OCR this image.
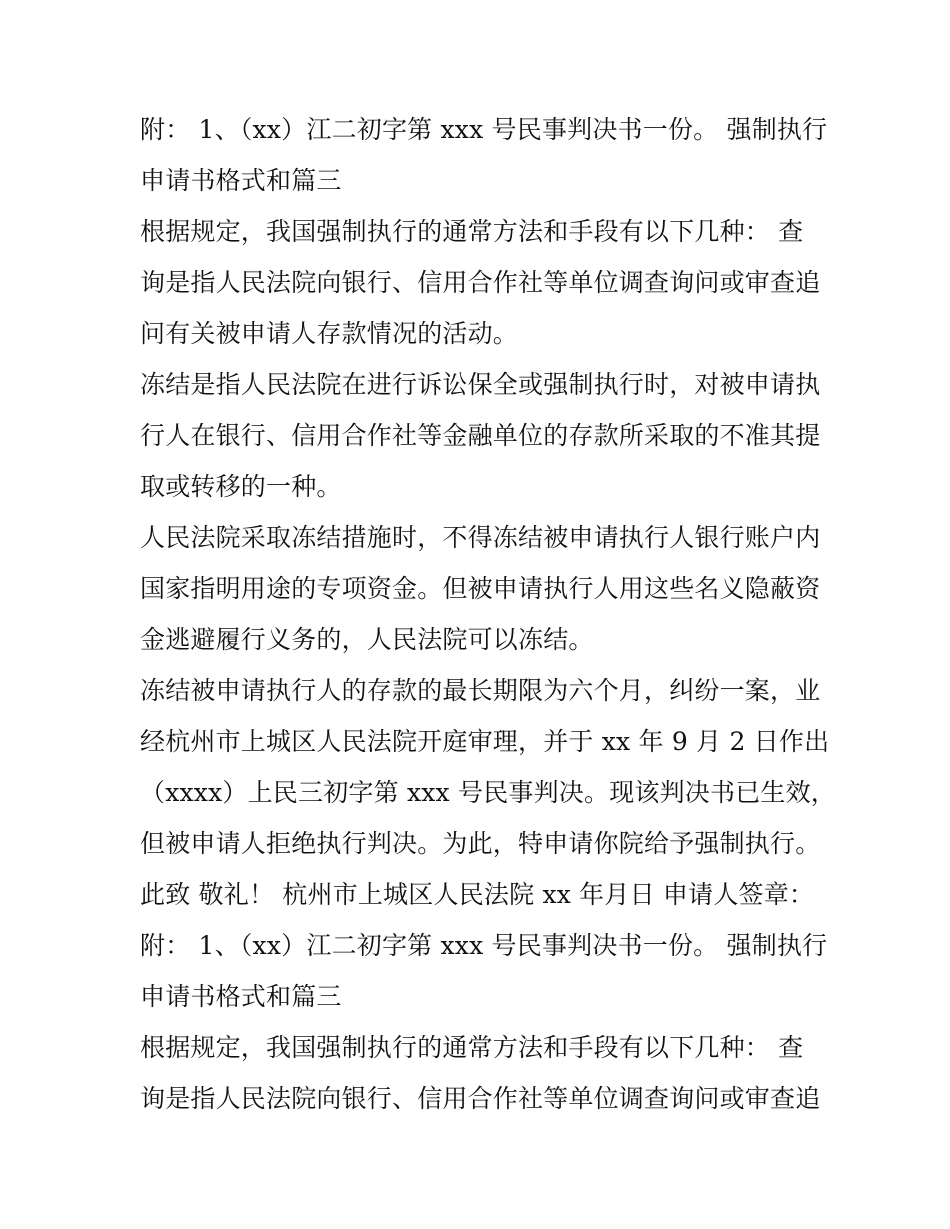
附： 1、（xx）江二初字第 xxx 号民事判决书一份。 强制执行
申请书格式和篇三
根据规定，我国强制执行的通常方法和手段有以下几种： 查
询是指人民法院向银行、信用合作社等单位调查询问或审查追
问有关被申请人存款情况的活动。
冻结是指人民法院在进行诉讼保全或强制执行时，对被申请执
行人在银行、信用合作社等金融单位的存款所采取的不准其提
取或转移的一种。
人民法院采取冻结措施时，不得冻结被申请执行人银行账户内
国家指明用途的专项资金。但被申请执行人用这些名义隐蔽资
金逃避履行义务的，人民法院可以冻结。
冻结被申请执行人的存款的最长期限为六个月，纠纷一案，业
经杭州市上城区人民法院开庭审理，并于 xx 年 9 月 2 日作出
（xxxx）上民三初字第 xxx 号民事判决。现该判决书已生效，
但被申请人拒绝执行判决。为此，特申请你院给予强制执行。
此致 敬礼！ 杭州市上城区人民法院 xx 年月日 申请人签章：
附： 1、（xx）江二初字第 xxx 号民事判决书一份。 强制执行
申请书格式和篇三
根据规定，我国强制执行的通常方法和手段有以下几种： 查
询是指人民法院向银行、信用合作社等单位调查询问或审查追
